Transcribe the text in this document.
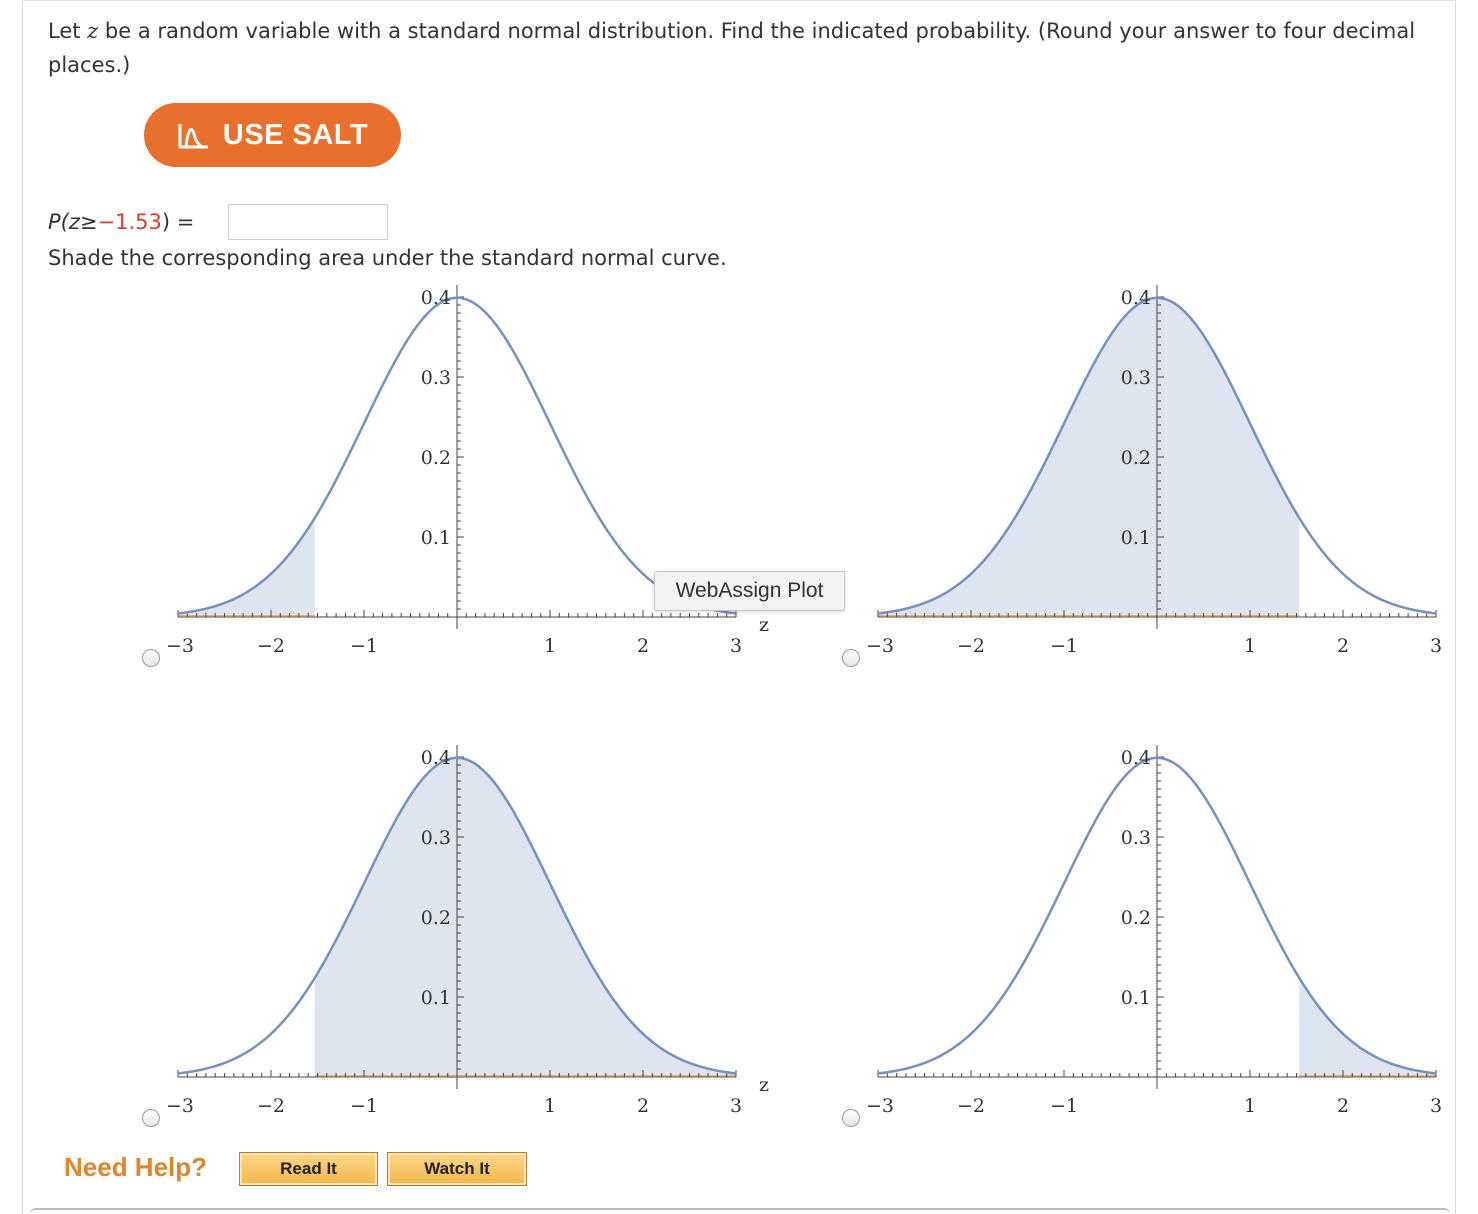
Let z be a random variable with a standard normal distribution. Find the indicated probability. (Round your answer to four decimal places.)
USE SALT
P( z ≥ −1.53 ) =
Shade the corresponding area under the standard normal curve.
0.1
0.2
0.3
0.4
−3	−2	−1	1	2	3
z
0.1
0.2
0.3
0.4
−3	−2	−1	1	2	3
0.1
0.2
0.3
0.4
−3	−2	−1	1	2	3
z
0.1
0.2
0.3
0.4
−3	−2	−1	1	2	3
WebAssign Plot
Need Help?	Read It	Watch It
